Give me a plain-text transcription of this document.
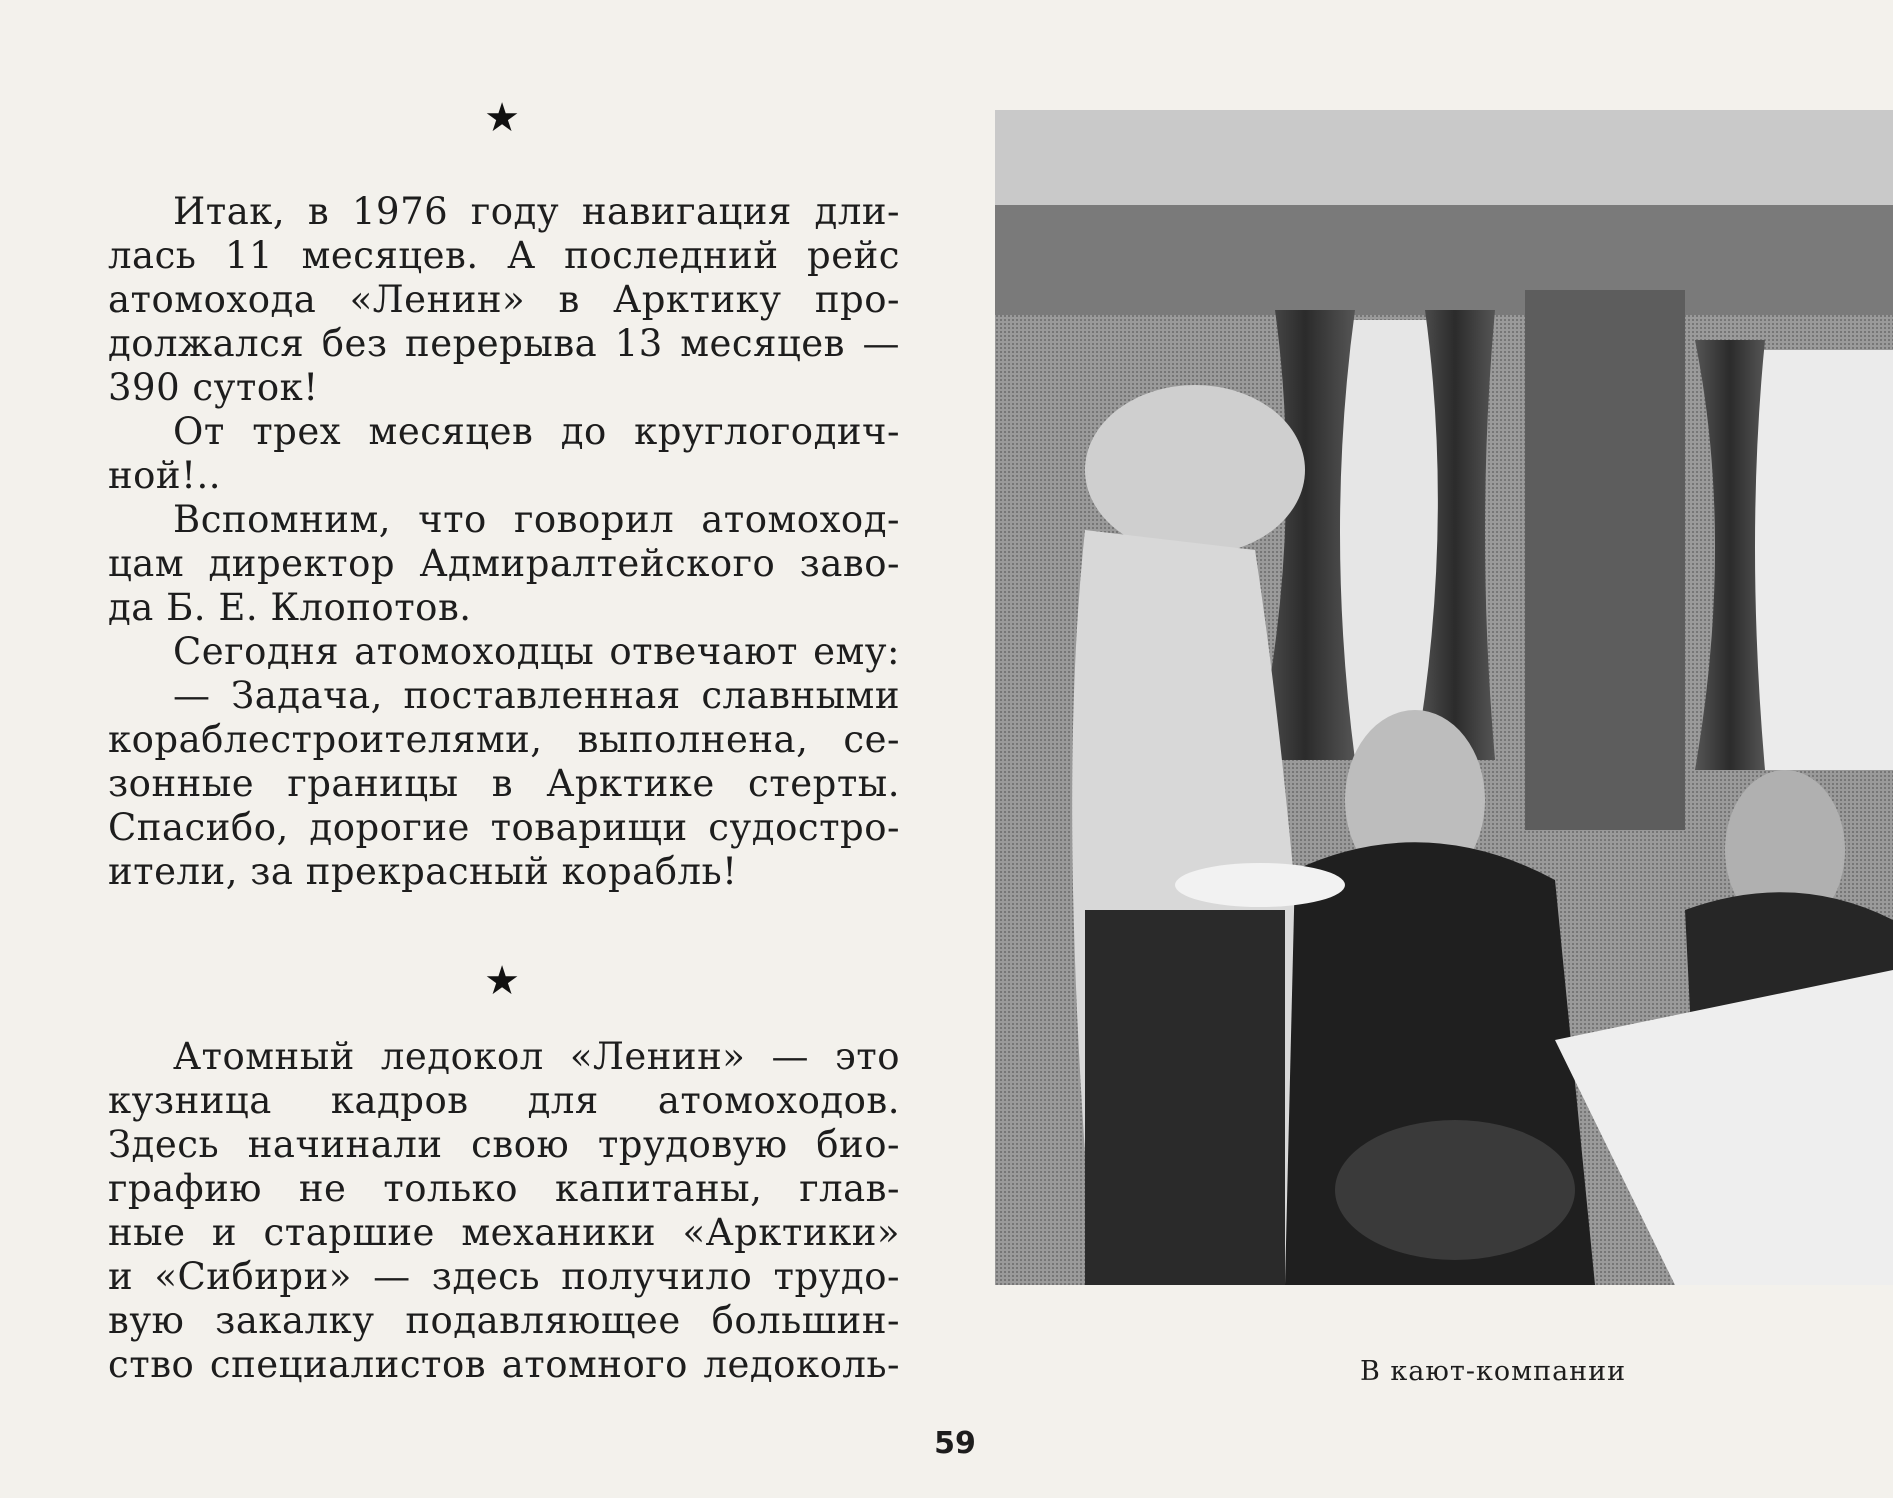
★
Итак, в 1976 году навигация дли-
лась 11 месяцев. А последний рейс
атомохода «Ленин» в Арктику про-
должался без перерыва 13 месяцев —
390 суток!
От трех месяцев до круглогодич-
ной!..
Вспомним, что говорил атомоход-
цам директор Адмиралтейского заво-
да Б. Е. Клопотов.
Сегодня атомоходцы отвечают ему:
— Задача, поставленная славными
кораблестроителями, выполнена, се-
зонные границы в Арктике стерты.
Спасибо, дорогие товарищи судостро-
ители, за прекрасный корабль!
★
Атомный ледокол «Ленин» — это
кузница кадров для атомоходов.
Здесь начинали свою трудовую био-
графию не только капитаны, глав-
ные и старшие механики «Арктики»
и «Сибири» — здесь получило трудо-
вую закалку подавляющее большин-
ство специалистов атомного ледоколь-	В кают-компании
59
